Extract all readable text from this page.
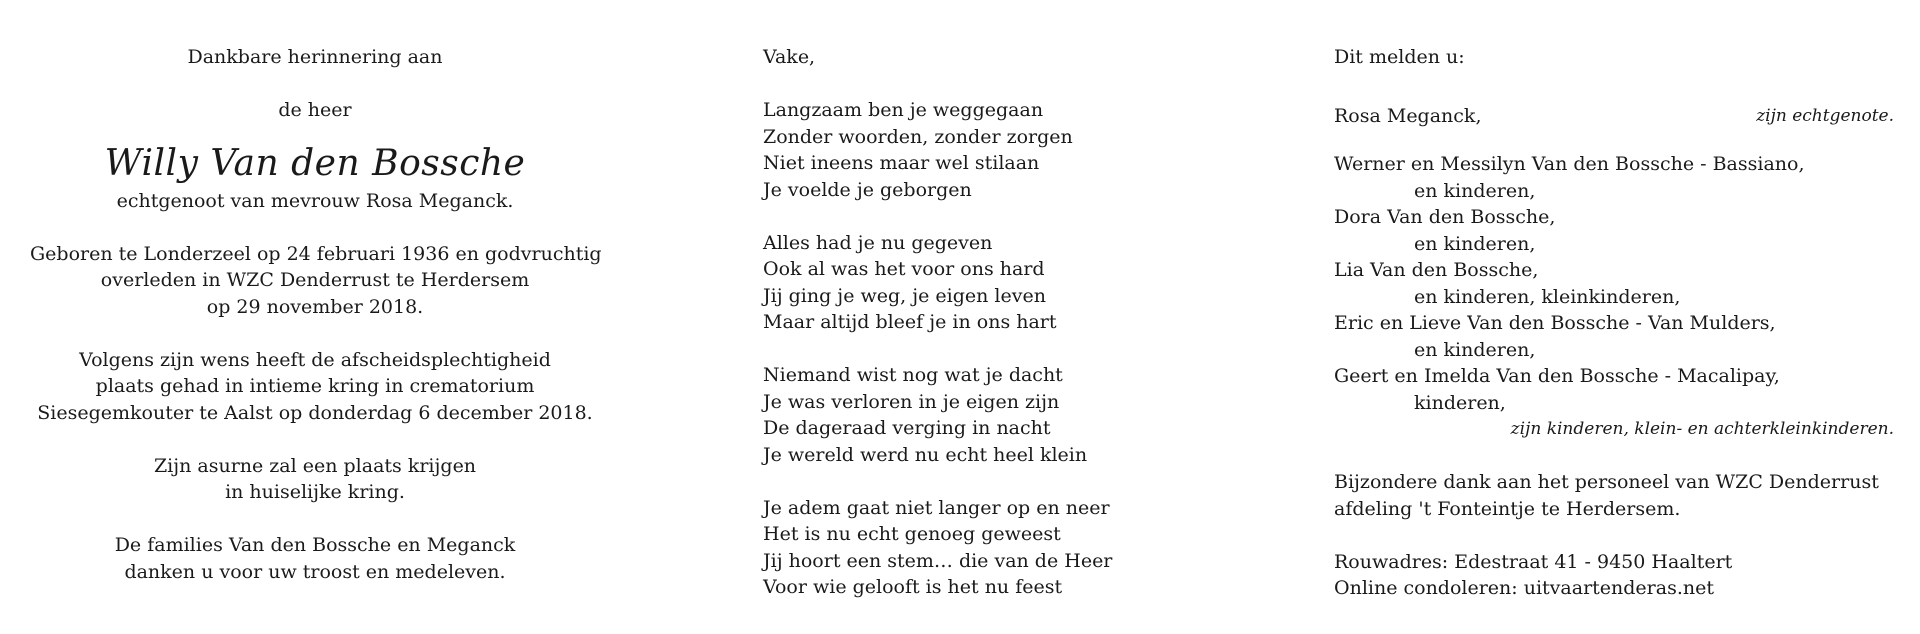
Dankbare herinnering aan
de heer
Willy Van den Bossche
echtgenoot van mevrouw Rosa Meganck.
Geboren te Londerzeel op 24 februari 1936 en godvruchtig
overleden in WZC Denderrust te Herdersem
op 29 november 2018.
Volgens zijn wens heeft de afscheidsplechtigheid
plaats gehad in intieme kring in crematorium
Siesegemkouter te Aalst op donderdag 6 december 2018.
Zijn asurne zal een plaats krijgen
in huiselijke kring.
De families Van den Bossche en Meganck
danken u voor uw troost en medeleven.
Vake,
Langzaam ben je weggegaan
Zonder woorden, zonder zorgen
Niet ineens maar wel stilaan
Je voelde je geborgen
Alles had je nu gegeven
Ook al was het voor ons hard
Jij ging je weg, je eigen leven
Maar altijd bleef je in ons hart
Niemand wist nog wat je dacht
Je was verloren in je eigen zijn
De dageraad verging in nacht
Je wereld werd nu echt heel klein
Je adem gaat niet langer op en neer
Het is nu echt genoeg geweest
Jij hoort een stem… die van de Heer
Voor wie gelooft is het nu feest
Dit melden u:
Rosa Meganck,	zijn echtgenote.
Werner en Messilyn Van den Bossche - Bassiano,
en kinderen,
Dora Van den Bossche,
en kinderen,
Lia Van den Bossche,
en kinderen, kleinkinderen,
Eric en Lieve Van den Bossche - Van Mulders,
en kinderen,
Geert en Imelda Van den Bossche - Macalipay,
kinderen,
zijn kinderen, klein- en achterkleinkinderen.
Bijzondere dank aan het personeel van WZC Denderrust
afdeling 't Fonteintje te Herdersem.
Rouwadres: Edestraat 41 - 9450 Haaltert
Online condoleren: uitvaartenderas.net
